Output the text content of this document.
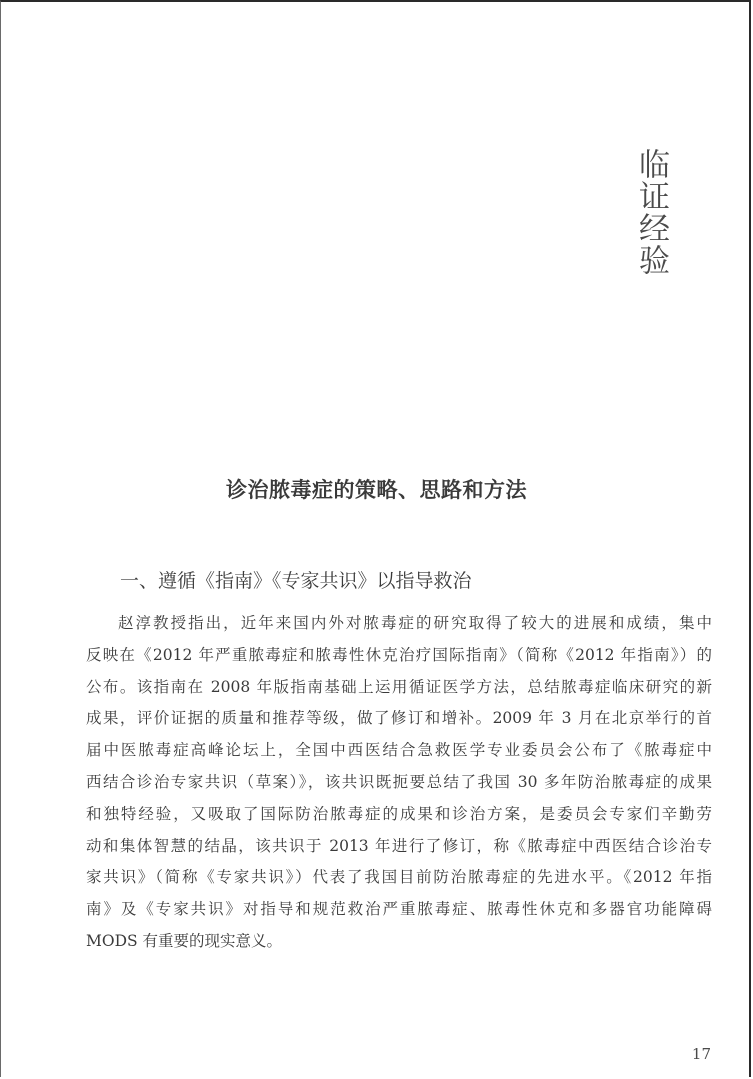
临证经验
诊治脓毒症的策略、思路和方法
一、遵循《指南》《专家共识》以指导救治
赵淳教授指出，近年来国内外对脓毒症的研究取得了较大的进展和成绩，集中
反映在《2012 年严重脓毒症和脓毒性休克治疗国际指南》（简称《2012 年指南》）的
公布。该指南在 2008 年版指南基础上运用循证医学方法，总结脓毒症临床研究的新
成果，评价证据的质量和推荐等级，做了修订和增补。2009 年 3 月在北京举行的首
届中医脓毒症高峰论坛上，全国中西医结合急救医学专业委员会公布了《脓毒症中
西结合诊治专家共识（草案）》，该共识既扼要总结了我国 30 多年防治脓毒症的成果
和独特经验，又吸取了国际防治脓毒症的成果和诊治方案，是委员会专家们辛勤劳
动和集体智慧的结晶，该共识于 2013 年进行了修订，称《脓毒症中西医结合诊治专
家共识》（简称《专家共识》）代表了我国目前防治脓毒症的先进水平。《2012 年指
南》及《专家共识》对指导和规范救治严重脓毒症、脓毒性休克和多器官功能障碍
MODS 有重要的现实意义。
17
